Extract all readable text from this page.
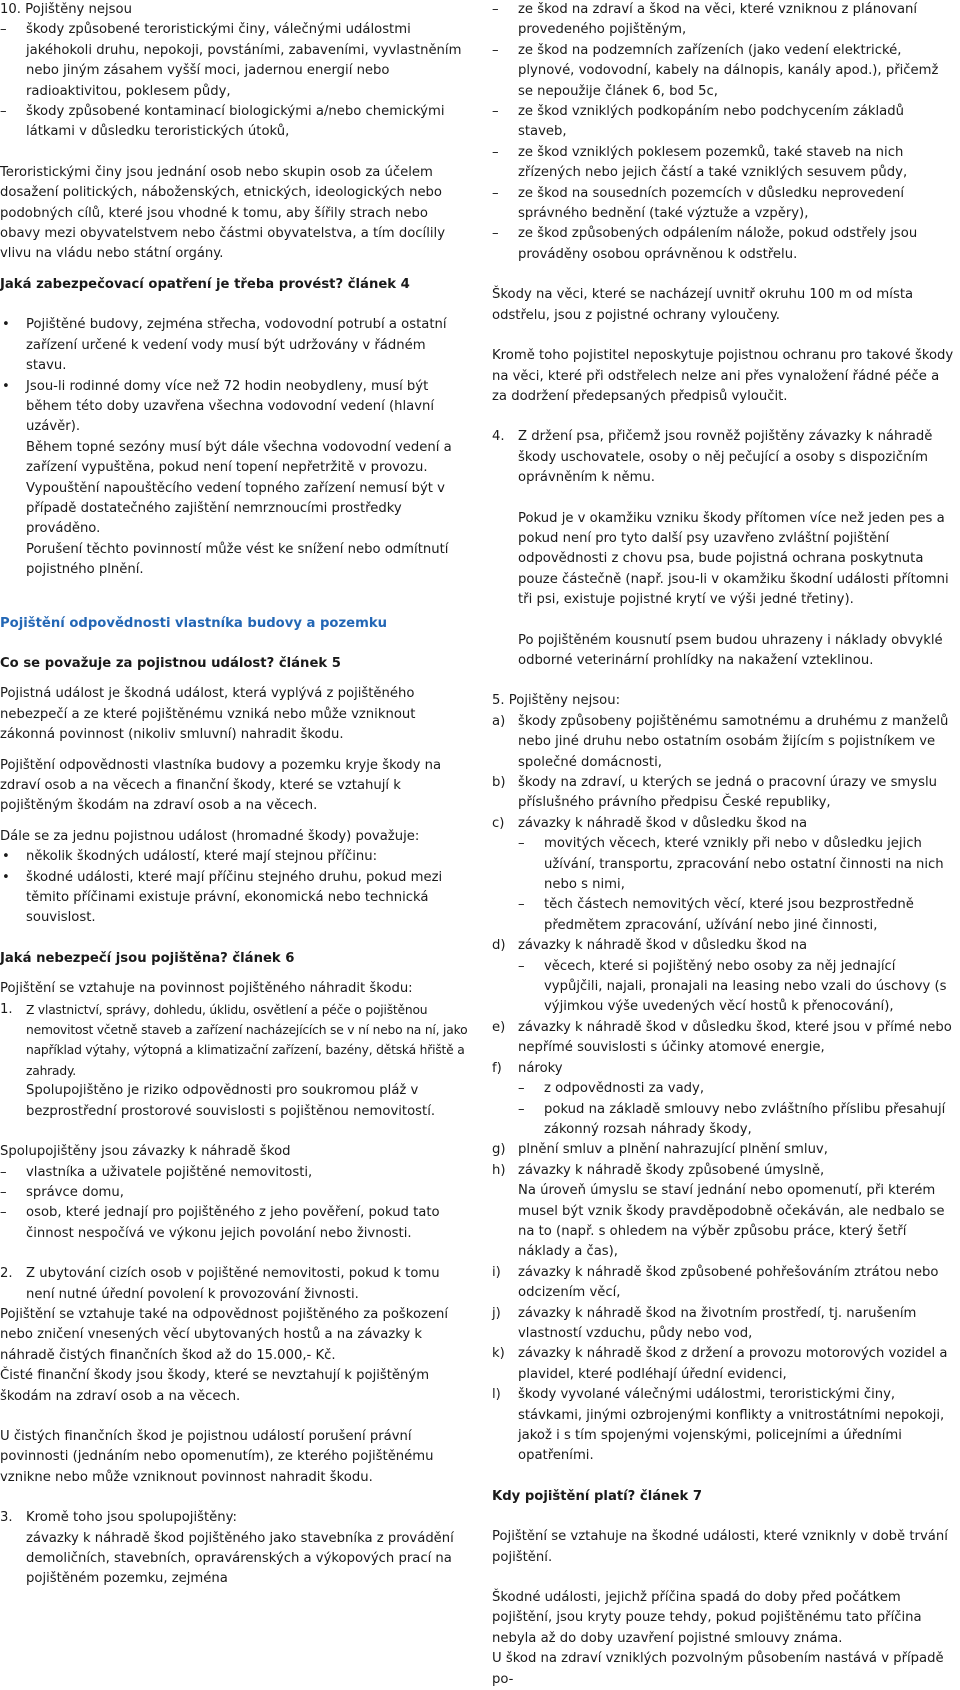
10. Pojištěny nejsou

– škody způsobené teroristickými činy, válečnými událostmi jakéhokoli druhu, nepokoji, povstáními, zabaveními, vyvlastněním nebo jiným zásahem vyšší moci, jadernou energií nebo radioaktivitou, poklesem půdy,

– škody způsobené kontaminací biologickými a/nebo chemickými látkami v důsledku teroristických útoků,

Teroristickými činy jsou jednání osob nebo skupin osob za účelem dosažení politických, náboženských, etnických, ideologických nebo podobných cílů, které jsou vhodné k tomu, aby šířily strach nebo obavy mezi obyvatelstvem nebo částmi obyvatelstva, a tím docílily vlivu na vládu nebo státní orgány.

Jaká zabezpečovací opatření je třeba provést? článek 4

• Pojištěné budovy, zejména střecha, vodovodní potrubí a ostatní zařízení určené k vedení vody musí být udržovány v řádném stavu.

• Jsou-li rodinné domy více než 72 hodin neobydleny, musí být během této doby uzavřena všechna vodovodní vedení (hlavní uzávěr).

Během topné sezóny musí být dále všechna vodovodní vedení a zařízení vypuštěna, pokud není topení nepřetržitě v provozu.

Vypouštění napouštěcího vedení topného zařízení nemusí být v případě dostatečného zajištění nemrznoucími prostředky prováděno.

Porušení těchto povinností může vést ke snížení nebo odmítnutí pojistného plnění.

Pojištění odpovědnosti vlastníka budovy a pozemku

Co se považuje za pojistnou událost? článek 5

Pojistná událost je škodná událost, která vyplývá z pojištěného nebezpečí a ze které pojištěnému vzniká nebo může vzniknout zákonná povinnost (nikoliv smluvní) nahradit škodu.

Pojištění odpovědnosti vlastníka budovy a pozemku kryje škody na zdraví osob a na věcech a finanční škody, které se vztahují k pojištěným škodám na zdraví osob a na věcech.

Dále se za jednu pojistnou událost (hromadné škody) považuje:

• několik škodných událostí, které mají stejnou příčinu:

• škodné události, které mají příčinu stejného druhu, pokud mezi těmito příčinami existuje právní, ekonomická nebo technická souvislost.

Jaká nebezpečí jsou pojištěna? článek 6

Pojištění se vztahuje na povinnost pojištěného náhradit škodu:

1. Z vlastnictví, správy, dohledu, úklidu, osvětlení a péče o pojištěnou nemovitost včetně staveb a zařízení nacházejících se v ní nebo na ní, jako například výtahy, výtopná a klimatizační zařízení, bazény, dětská hřiště a zahrady.

Spolupojištěno je riziko odpovědnosti pro soukromou pláž v bezprostřední prostorové souvislosti s pojištěnou nemovitostí.

Spolupojištěny jsou závazky k náhradě škod

– vlastníka a uživatele pojištěné nemovitosti,

– správce domu,

– osob, které jednají pro pojištěného z jeho pověření, pokud tato činnost nespočívá ve výkonu jejich povolání nebo živnosti.

2. Z ubytování cizích osob v pojištěné nemovitosti, pokud k tomu není nutné úřední povolení k provozování živnosti.

Pojištění se vztahuje také na odpovědnost pojištěného za poškození nebo zničení vnesených věcí ubytovaných hostů a na závazky k náhradě čistých finančních škod až do 15.000,- Kč.

Čisté finanční škody jsou škody, které se nevztahují k pojištěným škodám na zdraví osob a na věcech.

U čistých finančních škod je pojistnou událostí porušení právní povinnosti (jednáním nebo opomenutím), ze kterého pojištěnému vznikne nebo může vzniknout povinnost nahradit škodu.

3. Kromě toho jsou spolupojištěny:

závazky k náhradě škod pojištěného jako stavebníka z provádění demoličních, stavebních, opravárenských a výkopových prací na pojištěném pozemku, zejména

– ze škod na zdraví a škod na věci, které vzniknou z plánovaní provedeného pojištěným,

– ze škod na podzemních zařízeních (jako vedení elektrické, plynové, vodovodní, kabely na dálnopis, kanály apod.), přičemž se nepoužije článek 6, bod 5c,

– ze škod vzniklých podkopáním nebo podchycením základů staveb,

– ze škod vzniklých poklesem pozemků, také staveb na nich zřízených nebo jejich částí a také vzniklých sesuvem půdy,

– ze škod na sousedních pozemcích v důsledku neprovedení správného bednění (také výztuže a vzpěry),

– ze škod způsobených odpálením nálože, pokud odstřely jsou prováděny osobou oprávněnou k odstřelu.

Škody na věci, které se nacházejí uvnitř okruhu 100 m od místa odstřelu, jsou z pojistné ochrany vyloučeny.

Kromě toho pojistitel neposkytuje pojistnou ochranu pro takové škody na věci, které při odstřelech nelze ani přes vynaložení řádné péče a za dodržení předepsaných předpisů vyloučit.

4. Z držení psa, přičemž jsou rovněž pojištěny závazky k náhradě škody uschovatele, osoby o něj pečující a osoby s dispozičním oprávněním k němu.

Pokud je v okamžiku vzniku škody přítomen více než jeden pes a pokud není pro tyto další psy uzavřeno zvláštní pojištění odpovědnosti z chovu psa, bude pojistná ochrana poskytnuta pouze částečně (např. jsou-li v okamžiku škodní události přítomni tři psi, existuje pojistné krytí ve výši jedné třetiny).

Po pojištěném kousnutí psem budou uhrazeny i náklady obvyklé odborné veterinární prohlídky na nakažení vzteklinou.

5. Pojištěny nejsou:

a) škody způsobeny pojištěnému samotnému a druhému z manželů nebo jiné druhu nebo ostatním osobám žijícím s pojistníkem ve společné domácnosti,

b) škody na zdraví, u kterých se jedná o pracovní úrazy ve smyslu příslušného právního předpisu České republiky,

c) závazky k náhradě škod v důsledku škod na

– movitých věcech, které vznikly při nebo v důsledku jejich užívání, transportu, zpracování nebo ostatní činnosti na nich nebo s nimi,

– těch částech nemovitých věcí, které jsou bezprostředně předmětem zpracování, užívání nebo jiné činnosti,

d) závazky k náhradě škod v důsledku škod na

– věcech, které si pojištěný nebo osoby za něj jednající vypůjčili, najali, pronajali na leasing nebo vzali do úschovy (s výjimkou výše uvedených věcí hostů k přenocování),

e) závazky k náhradě škod v důsledku škod, které jsou v přímé nebo nepřímé souvislosti s účinky atomové energie,

f) nároky

– z odpovědnosti za vady,

– pokud na základě smlouvy nebo zvláštního příslibu přesahují zákonný rozsah náhrady škody,

g) plnění smluv a plnění nahrazující plnění smluv,

h) závazky k náhradě škody způsobené úmyslně,

Na úroveň úmyslu se staví jednání nebo opomenutí, při kterém musel být vznik škody pravděpodobně očekáván, ale nedbalo se na to (např. s ohledem na výběr způsobu práce, který šetří náklady a čas),

i) závazky k náhradě škod způsobené pohřešováním ztrátou nebo odcizením věcí,

j) závazky k náhradě škod na životním prostředí, tj. narušením vlastností vzduchu, půdy nebo vod,

k) závazky k náhradě škod z držení a provozu motorových vozidel a plavidel, které podléhají úřední evidenci,

l) škody vyvolané válečnými událostmi, teroristickými činy, stávkami, jinými ozbrojenými konflikty a vnitrostátními nepokoji, jakož i s tím spojenými vojenskými, policejními a úředními opatřeními.

Kdy pojištění platí? článek 7

Pojištění se vztahuje na škodné události, které vzniknly v době trvání pojištění.

Škodné události, jejichž příčina spadá do doby před počátkem pojištění, jsou kryty pouze tehdy, pokud pojištěnému tato příčina nebyla až do doby uzavření pojistné smlouvy známa.

U škod na zdraví vzniklých pozvolným působením nastává v případě po-
